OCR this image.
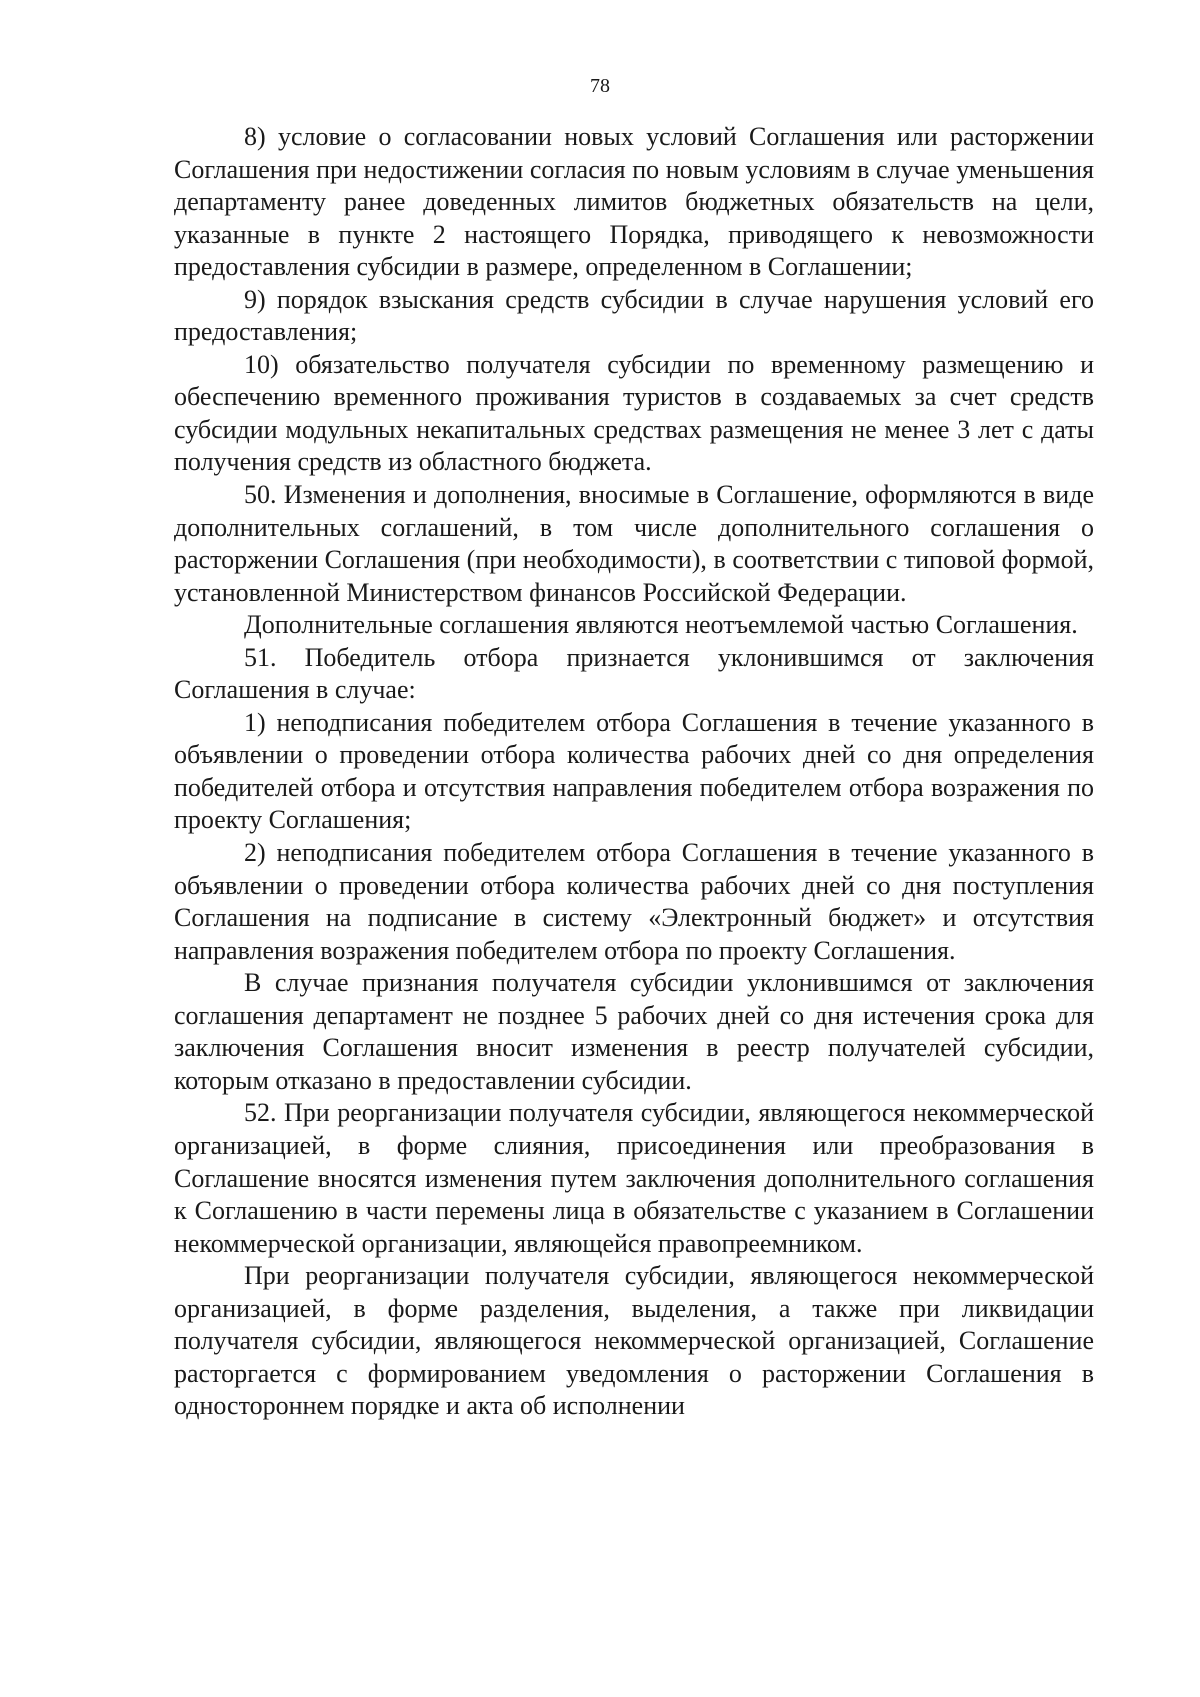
78

8) условие о согласовании новых условий Соглашения или расторжении Соглашения при недостижении согласия по новым условиям в случае уменьшения департаменту ранее доведенных лимитов бюджетных обязательств на цели, указанные в пункте 2 настоящего Порядка, приводящего к невозможности предоставления субсидии в размере, определенном в Соглашении;

9) порядок взыскания средств субсидии в случае нарушения условий его предоставления;

10) обязательство получателя субсидии по временному размещению и обеспечению временного проживания туристов в создаваемых за счет средств субсидии модульных некапитальных средствах размещения не менее 3 лет с даты получения средств из областного бюджета.

50. Изменения и дополнения, вносимые в Соглашение, оформляются в виде дополнительных соглашений, в том числе дополнительного соглашения о расторжении Соглашения (при необходимости), в соответствии с типовой формой, установленной Министерством финансов Российской Федерации.

Дополнительные соглашения являются неотъемлемой частью Соглашения.

51. Победитель отбора признается уклонившимся от заключения Соглашения в случае:

1) неподписания победителем отбора Соглашения в течение указанного в объявлении о проведении отбора количества рабочих дней со дня определения победителей отбора и отсутствия направления победителем отбора возражения по проекту Соглашения;

2) неподписания победителем отбора Соглашения в течение указанного в объявлении о проведении отбора количества рабочих дней со дня поступления Соглашения на подписание в систему «Электронный бюджет» и отсутствия направления возражения победителем отбора по проекту Соглашения.

В случае признания получателя субсидии уклонившимся от заключения соглашения департамент не позднее 5 рабочих дней со дня истечения срока для заключения Соглашения вносит изменения в реестр получателей субсидии, которым отказано в предоставлении субсидии.

52. При реорганизации получателя субсидии, являющегося некоммерческой организацией, в форме слияния, присоединения или преобразования в Соглашение вносятся изменения путем заключения дополнительного соглашения к Соглашению в части перемены лица в обязательстве с указанием в Соглашении некоммерческой организации, являющейся правопреемником.

При реорганизации получателя субсидии, являющегося некоммерческой организацией, в форме разделения, выделения, а также при ликвидации получателя субсидии, являющегося некоммерческой организацией, Соглашение расторгается с формированием уведомления о расторжении Соглашения в одностороннем порядке и акта об исполнении
